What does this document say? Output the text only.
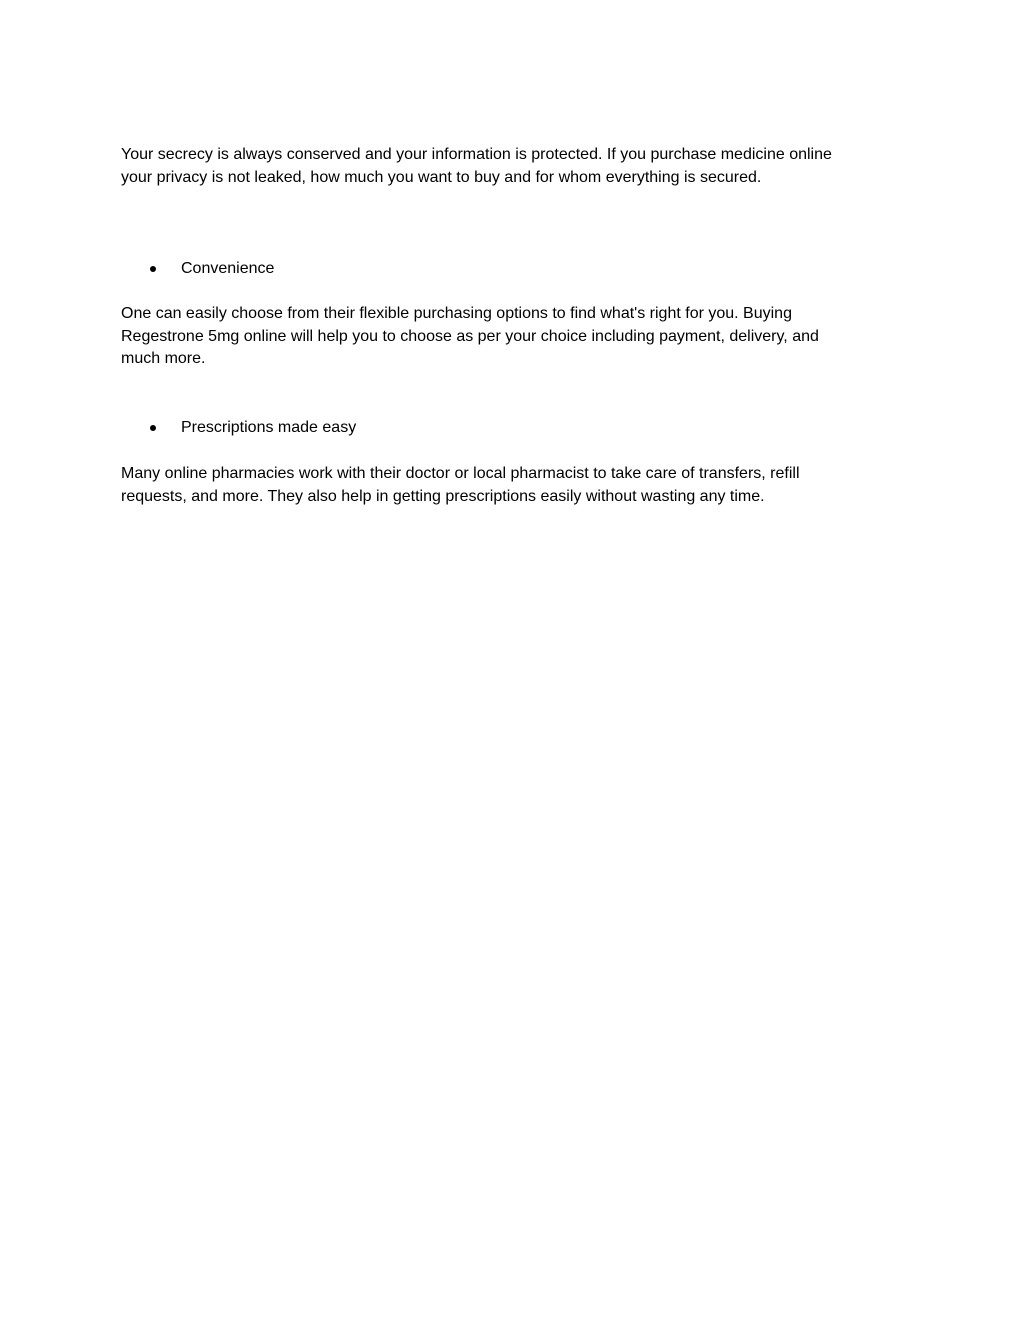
Your secrecy is always conserved and your information is protected. If you purchase medicine online
your privacy is not leaked, how much you want to buy and for whom everything is secured.

Convenience

One can easily choose from their flexible purchasing options to find what's right for you. Buying
Regestrone 5mg online will help you to choose as per your choice including payment, delivery, and
much more.

Prescriptions made easy

Many online pharmacies work with their doctor or local pharmacist to take care of transfers, refill
requests, and more. They also help in getting prescriptions easily without wasting any time.
